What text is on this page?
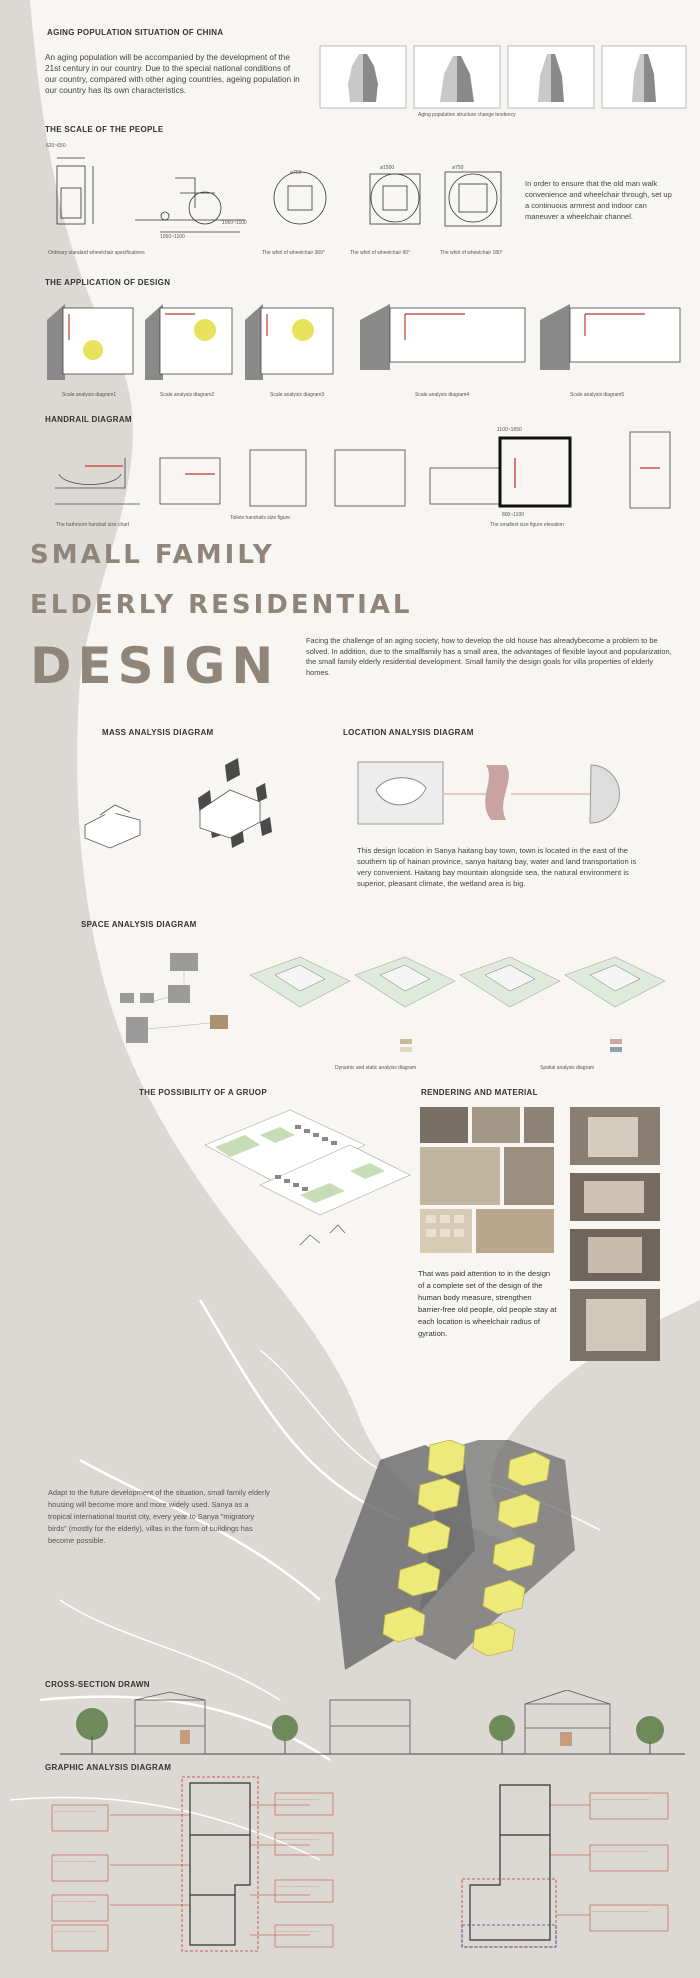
AGING POPULATION SITUATION OF CHINA
An aging population will be accompanied by the development of the 21st century in our country. Due to the special national conditions of our country, compared with other aging countries, ageing population in our country has its own characteristics.
Aging population structure change tendency
THE SCALE OF THE PEOPLE
620~650
1050~1100
ø750
ø1500	ø750
1050~1100
Ordinary standard wheelchair specifications	The whirl of wheelchair 360°	The whirl of wheelchair 90°	The whirl of wheelchair 180°
In order to ensure that the old man walk convenience and wheelchair through, set up a continuous armrest and indoor can maneuver a wheelchair channel.
THE APPLICATION OF DESIGN
Scale analysis diagram1	Scale analysis diagram2	Scale analysis diagram3	Scale analysis diagram4	Scale analysis diagram5
HANDRAIL DIAGRAM
1100~1650
800~1100
The bathroom handrail size chart
Toilets handrails size figure
The smallest size figure elevation
SMALL FAMILY
ELDERLY RESIDENTIAL
DESIGN	Facing the challenge of an aging society, how to develop the old house has alreadybecome a problem to be solved. In addition, due to the smallfamily has a small area, the advantages of flexible layout and popularization, the small family elderly residential development. Small family the design goals for villa properties of elderly homes.
MASS ANALYSIS DIAGRAM	LOCATION ANALYSIS DIAGRAM
This design location in Sanya haitang bay town, town is located in the east of the southern tip of hainan province, sanya haitang bay, water and land transportation is very convenient. Haitang bay mountain alongside sea, the natural environment is superior, pleasant climate, the wetland area is big.
SPACE ANALYSIS DIAGRAM
Dynamic and static analysis diagram	Spatial analysis diagram
THE POSSIBILITY OF A GRUOP	RENDERING AND MATERIAL
That was paid attention to in the design of a complete set of the design of the human body measure, strengthen barrier-free old people, old people stay at each location is wheelchair radius of gyration.
Adapt to the future development of the situation, small family elderly housing will become more and more widely used. Sanya as a tropical international tourist city, every year to Sanya "migratory birds" (mostly for the elderly), villas in the form of buildings has become possible.
CROSS-SECTION DRAWN
GRAPHIC ANALYSIS DIAGRAM
~~~~~~~~~~~~~~
~~~~~~~~~~~~~~
~~~~~~~~~~~~~~
~~~~~~~~~~~~~~
~~~~~~~~~~~~~~
~~~~~~~~~~~~~~
~~~~~~~~~~~~~~
~~~~~~~~~~~~~~
~~~~~~~~~~~~~~~~~~~
~~~~~~~~~~~~~~~~~~~
~~~~~~~~~~~~~~~~~~~
